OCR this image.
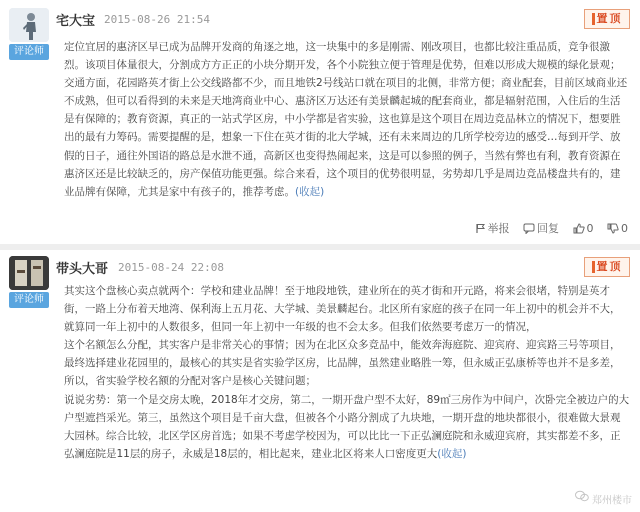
评论师
宅大宝 2015-08-26 21:54	置顶

定位宜居的惠济区早已成为品牌开发商的角逐之地，这一块集中的多是刚需、刚改项目，也都比较注重品质，竞争很激烈。该项目体量很大，分割成方方正正的小块分期开发，各个小院独立便于管理是优势，但难以形成大规模的绿化景观；交通方面，花园路英才街上公交线路都不少，而且地铁2号线站口就在项目的北侧，非常方便；商业配套，目前区域商业还不成熟，但可以看得到的未来是天地湾商业中心、惠济区万达还有美景麟起城的配套商业，都是辐射范围，入住后的生活是有保障的；教育资源，真正的一站式学区房，中小学都是省实验，这也算是这个项目在周边竞品林立的情况下，想要胜出的最有力筹码。需要提醒的是，想象一下住在英才街的北大学城，还有未来周边的几所学校旁边的感受…每到开学、放假的日子，通往外国语的路总是水泄不通，高新区也变得热闹起来，这是可以参照的例子，当然有弊也有利，教育资源在惠济区还是比较缺乏的，房产保值功能更强。综合来看，这个项目的优势很明显，劣势却几乎是周边竞品楼盘共有的，建业品牌有保障，尤其是家中有孩子的，推荐考虑。(收起)

举报	回复	0	0
评论师
带头大哥 2015-08-24 22:08	置顶
其实这个盘核心卖点就两个：学校和建业品牌！至于地段地铁，建业所在的英才街和开元路，将来会很堵，特别是英才街，一路上分布着天地湾、保利海上五月花、大学城、美景麟起台。北区所有家庭的孩子在同一年上初中的机会并不大，就算同一年上初中的人数很多，但同一年上初中一年级的也不会太多。但我们依然要考虑万一的情况，
这个名额怎么分配，其实客户是非常关心的事情；因为在北区众多竞品中，能效奔海庭院、迎宾府、迎宾路三号等项目，最终选择建业花园里的，最核心的其实是省实验学区房，比品牌，虽然建业略胜一筹，但永威正弘康桥等也并不是多差，所以，省实验学校名额的分配对客户是核心关键问题；
说说劣势：第一个是交房太晚，2018年才交房，第二，一期开盘户型不太好，89㎡三房作为中间户，次卧完全被边户的大户型遮挡采光。第三，虽然这个项目是千亩大盘，但被各个小路分割成了九块地，一期开盘的地块都很小，很难做大景观大园林。综合比较，北区学区房首选；如果不考虑学校因为，可以比比一下正弘澜庭院和永威迎宾府，其实都差不多，正弘澜庭院是11层的房子，永威是18层的，相比起来，建业北区将来人口密度更大(收起)
郑州楼市
